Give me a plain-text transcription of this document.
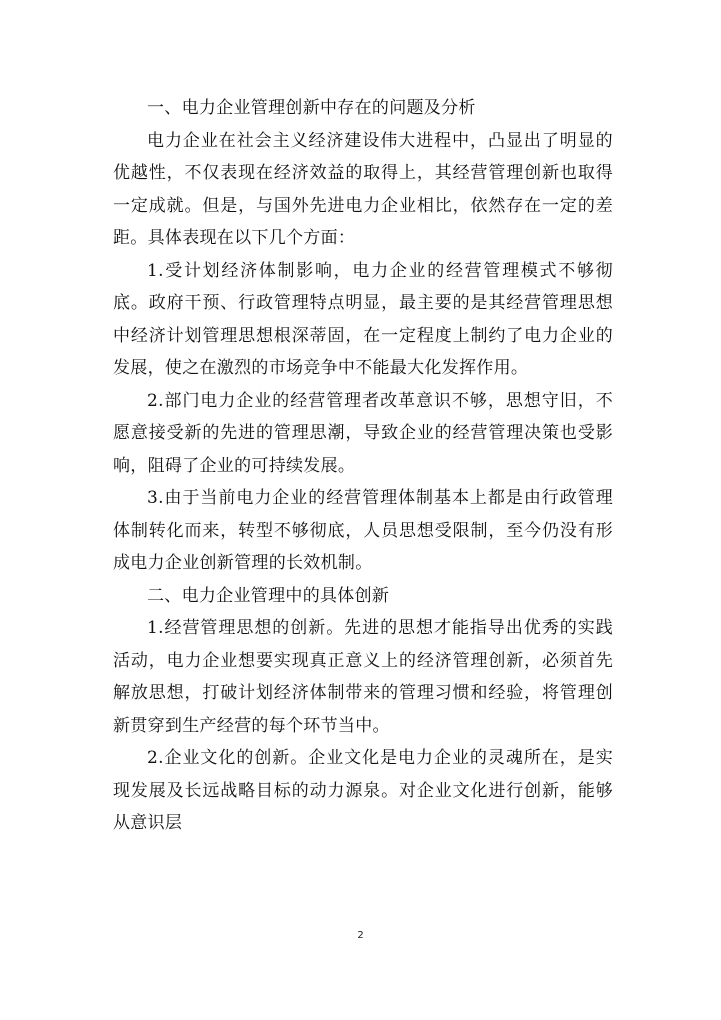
一、电力企业管理创新中存在的问题及分析

电力企业在社会主义经济建设伟大进程中，凸显出了明显的优越性，不仅表现在经济效益的取得上，其经营管理创新也取得一定成就。但是，与国外先进电力企业相比，依然存在一定的差距。具体表现在以下几个方面：

1.受计划经济体制影响，电力企业的经营管理模式不够彻底。政府干预、行政管理特点明显，最主要的是其经营管理思想中经济计划管理思想根深蒂固，在一定程度上制约了电力企业的发展，使之在激烈的市场竞争中不能最大化发挥作用。

2.部门电力企业的经营管理者改革意识不够，思想守旧，不愿意接受新的先进的管理思潮，导致企业的经营管理决策也受影响，阻碍了企业的可持续发展。

3.由于当前电力企业的经营管理体制基本上都是由行政管理体制转化而来，转型不够彻底，人员思想受限制，至今仍没有形成电力企业创新管理的长效机制。

二、电力企业管理中的具体创新

1.经营管理思想的创新。先进的思想才能指导出优秀的实践活动，电力企业想要实现真正意义上的经济管理创新，必须首先解放思想，打破计划经济体制带来的管理习惯和经验，将管理创新贯穿到生产经营的每个环节当中。

2.企业文化的创新。企业文化是电力企业的灵魂所在，是实现发展及长远战略目标的动力源泉。对企业文化进行创新，能够从意识层

2
